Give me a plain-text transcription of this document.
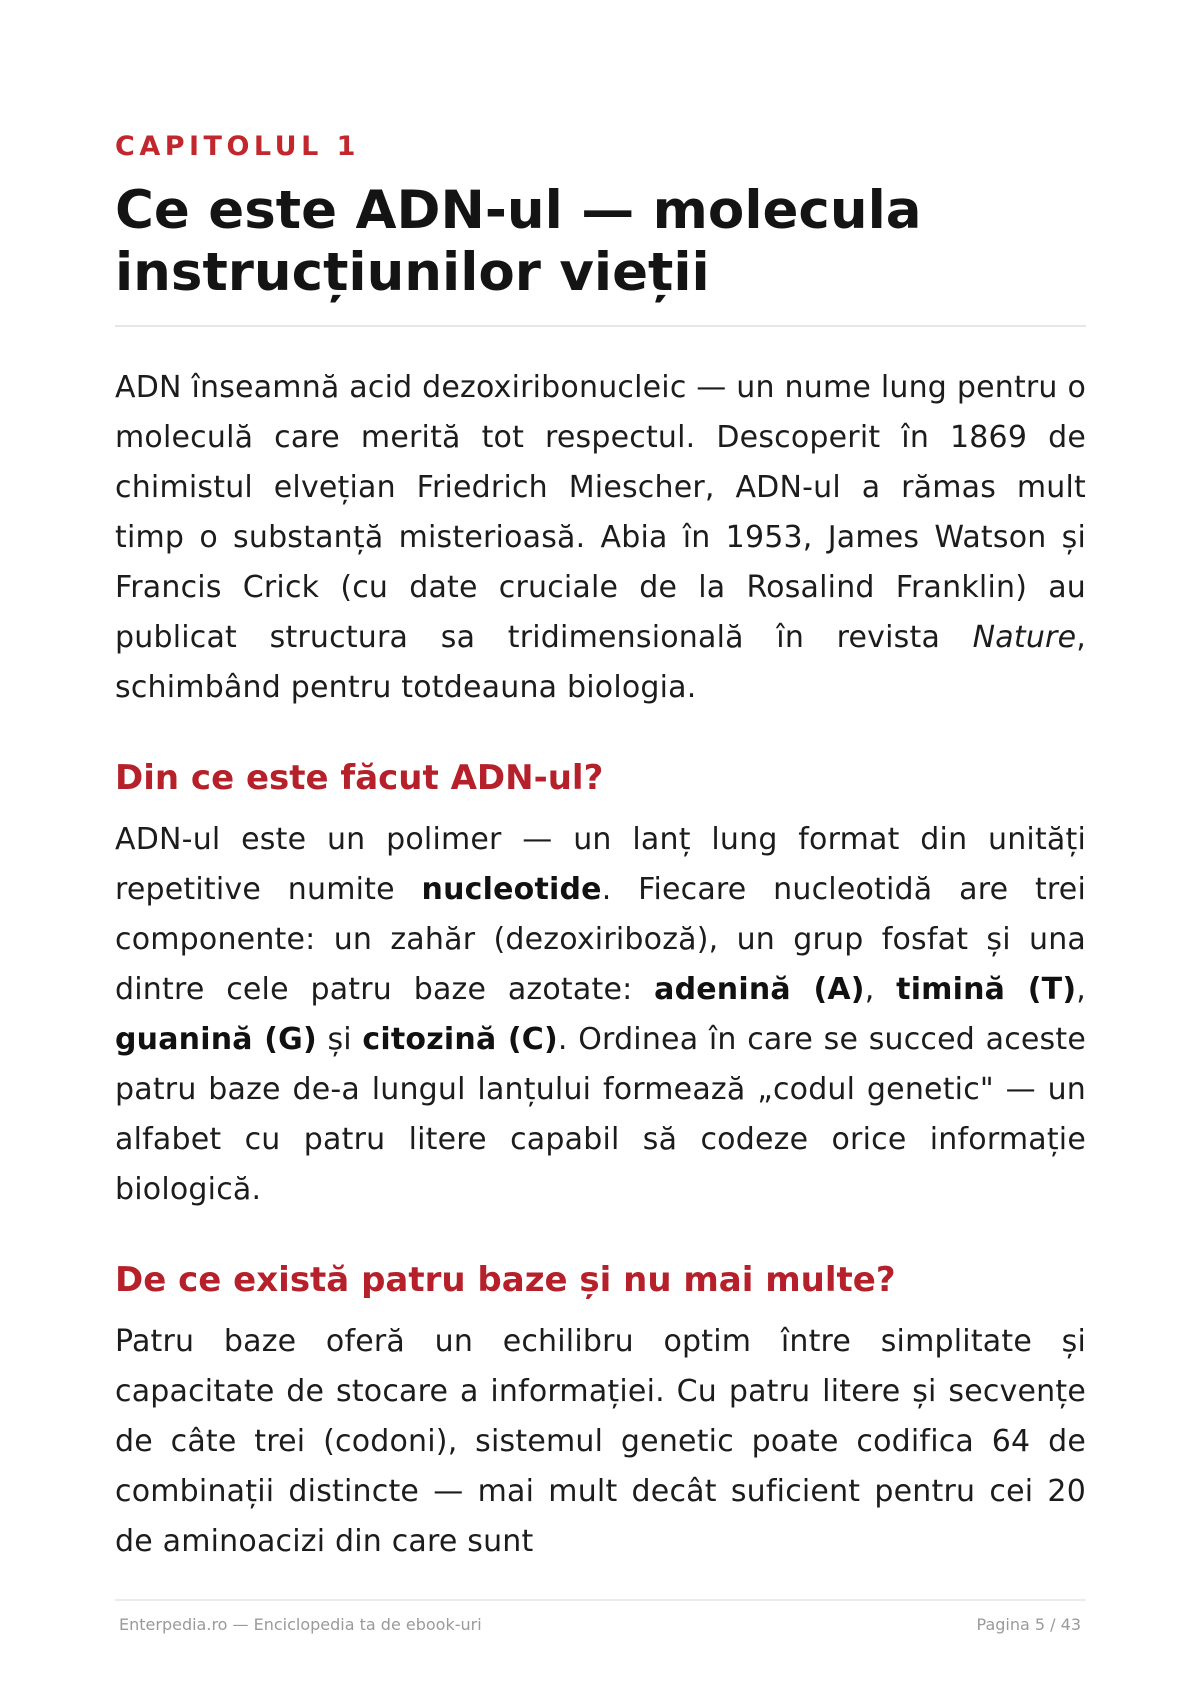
CAPITOLUL 1
Ce este ADN-ul — molecula
instrucțiunilor vieții

ADN înseamnă acid dezoxiribonucleic — un nume lung pentru o moleculă care merită tot respectul. Descoperit în 1869 de chimistul elvețian Friedrich Miescher, ADN-ul a rămas mult timp o substanță misterioasă. Abia în 1953, James Watson și Francis Crick (cu date cruciale de la Rosalind Franklin) au publicat structura sa tridimensională în revista Nature, schimbând pentru totdeauna biologia.

Din ce este făcut ADN-ul?

ADN-ul este un polimer — un lanț lung format din unități repetitive numite nucleotide. Fiecare nucleotidă are trei componente: un zahăr (dezoxiriboză), un grup fosfat și una dintre cele patru baze azotate: adenină (A), timină (T), guanină (G) și citozină (C). Ordinea în care se succed aceste patru baze de-a lungul lanțului formează „codul genetic" — un alfabet cu patru litere capabil să codeze orice informație biologică.

De ce există patru baze și nu mai multe?

Patru baze oferă un echilibru optim între simplitate și capacitate de stocare a informației. Cu patru litere și secvențe de câte trei (codoni), sistemul genetic poate codifica 64 de combinații distincte — mai mult decât suficient pentru cei 20 de aminoacizi din care sunt

Enterpedia.ro — Enciclopedia ta de ebook-uri	Pagina 5 / 43
